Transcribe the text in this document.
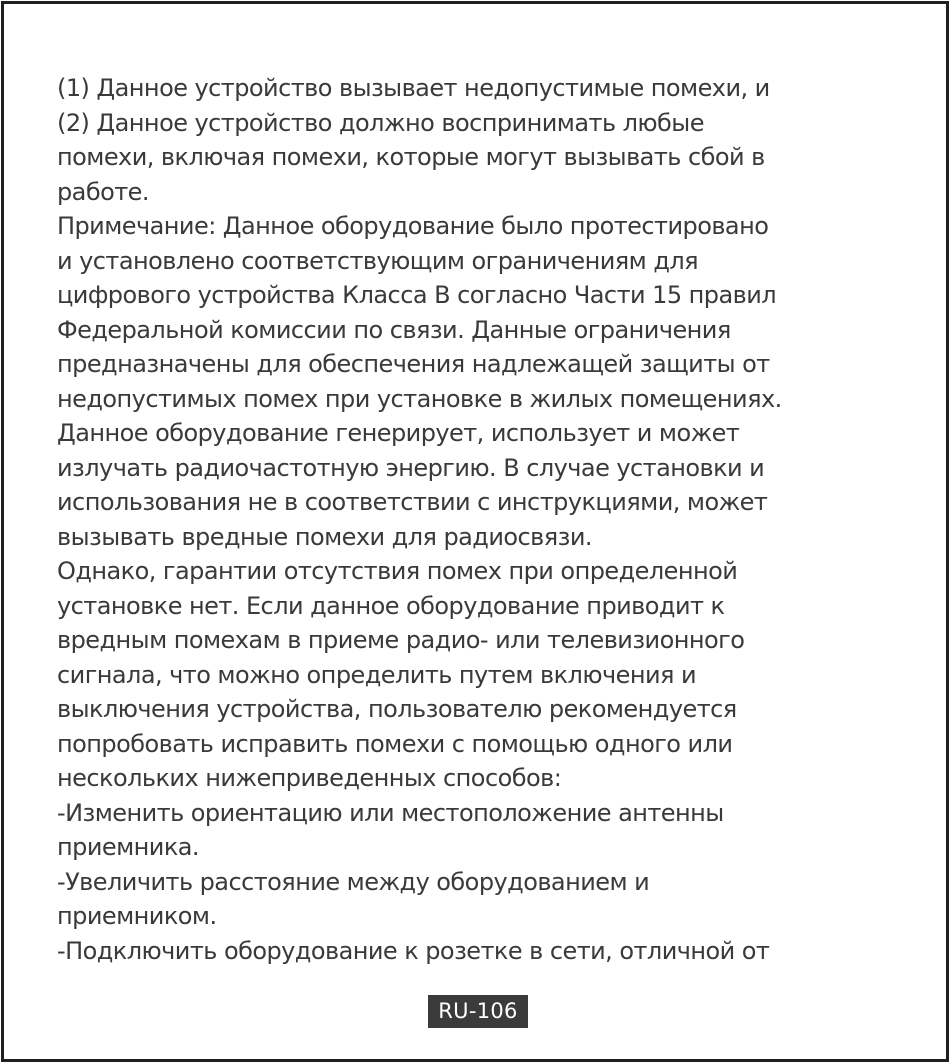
(1) Данное устройство вызывает недопустимые помехи, и
(2) Данное устройство должно воспринимать любые
помехи, включая помехи, которые могут вызывать сбой в
работе.
Примечание: Данное оборудование было протестировано
и установлено соответствующим ограничениям для
цифрового устройства Класса B согласно Части 15 правил
Федеральной комиссии по связи. Данные ограничения
предназначены для обеспечения надлежащей защиты от
недопустимых помех при установке в жилых помещениях.
Данное оборудование генерирует, использует и может
излучать радиочастотную энергию. В случае установки и
использования не в соответствии с инструкциями, может
вызывать вредные помехи для радиосвязи.
Однако, гарантии отсутствия помех при определенной
установке нет. Если данное оборудование приводит к
вредным помехам в приеме радио- или телевизионного
сигнала, что можно определить путем включения и
выключения устройства, пользователю рекомендуется
попробовать исправить помехи с помощью одного или
нескольких нижеприведенных способов:
-Изменить ориентацию или местоположение антенны
приемника.
-Увеличить расстояние между оборудованием и
приемником.
-Подключить оборудование к розетке в сети, отличной от
RU-106
